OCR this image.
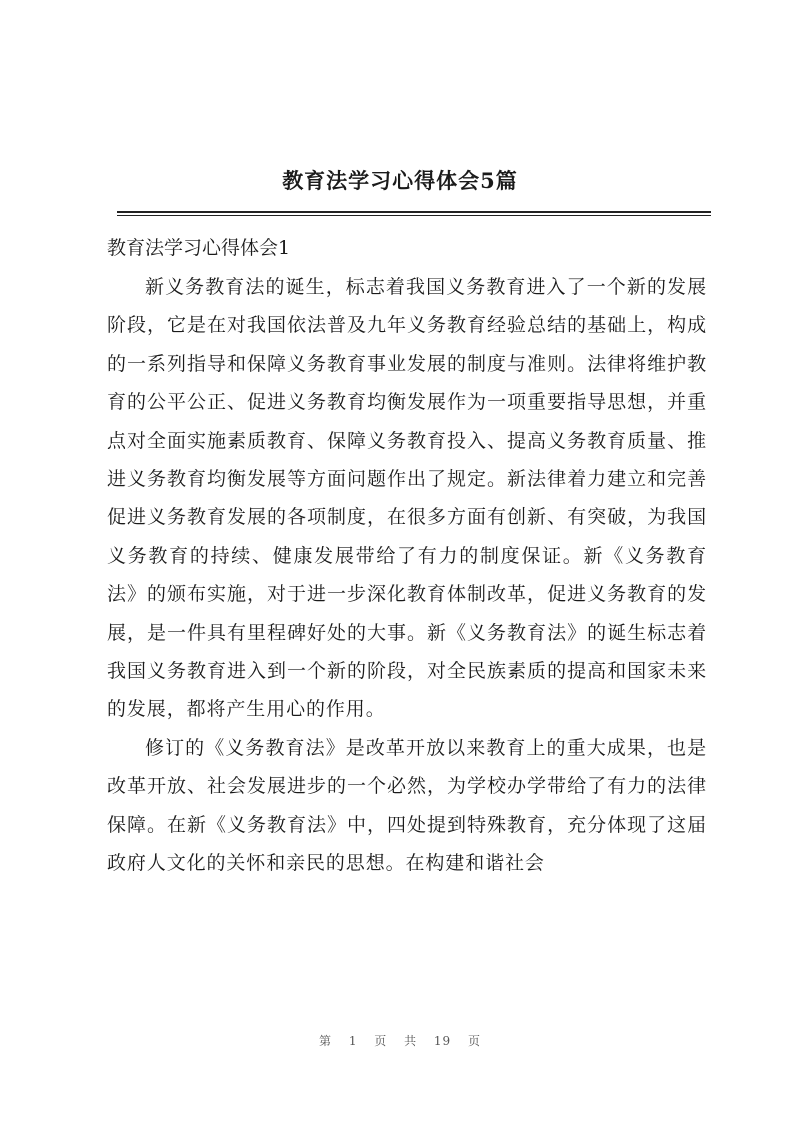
教育法学习心得体会5篇
教育法学习心得体会1

新义务教育法的诞生，标志着我国义务教育进入了一个新的发展阶段，它是在对我国依法普及九年义务教育经验总结的基础上，构成的一系列指导和保障义务教育事业发展的制度与准则。法律将维护教育的公平公正、促进义务教育均衡发展作为一项重要指导思想，并重点对全面实施素质教育、保障义务教育投入、提高义务教育质量、推进义务教育均衡发展等方面问题作出了规定。新法律着力建立和完善促进义务教育发展的各项制度，在很多方面有创新、有突破，为我国义务教育的持续、健康发展带给了有力的制度保证。新《义务教育法》的颁布实施，对于进一步深化教育体制改革，促进义务教育的发展，是一件具有里程碑好处的大事。新《义务教育法》的诞生标志着我国义务教育进入到一个新的阶段，对全民族素质的提高和国家未来的发展，都将产生用心的作用。

修订的《义务教育法》是改革开放以来教育上的重大成果，也是改革开放、社会发展进步的一个必然，为学校办学带给了有力的法律保障。在新《义务教育法》中，四处提到特殊教育，充分体现了这届政府人文化的关怀和亲民的思想。在构建和谐社会

第 1 页 共 19 页
